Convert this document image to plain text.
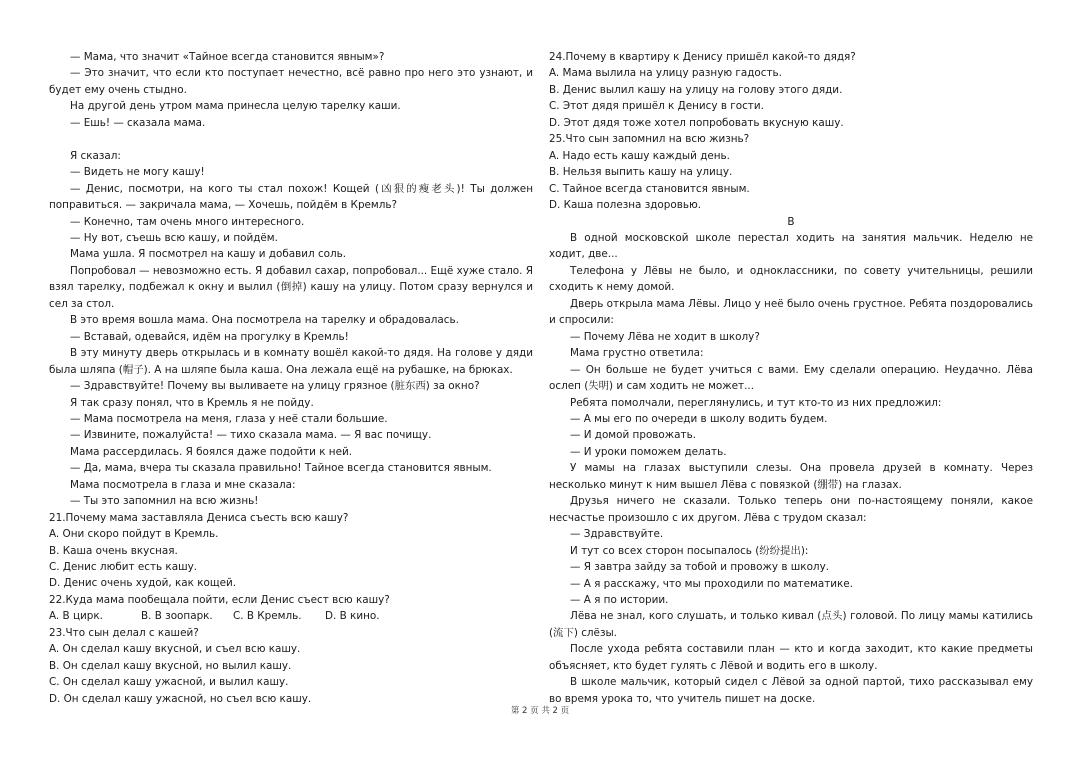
— Мама, что значит «Тайное всегда становится явным»?

— Это значит, что если кто поступает нечестно, всё равно про него это узнают, и будет ему очень стыдно.

На другой день утром мама принесла целую тарелку каши.

— Ешь! — сказала мама.

Я сказал:

— Видеть не могу кашу!

— Денис, посмотри, на кого ты стал похож! Кощей (凶狠的瘦老头)! Ты должен поправиться. — закричала мама, — Хочешь, пойдём в Кремль?

— Конечно, там очень много интересного.

— Ну вот, съешь всю кашу, и пойдём.

Мама ушла. Я посмотрел на кашу и добавил соль.

Попробовал — невозможно есть. Я добавил сахар, попробовал... Ещё хуже стало. Я взял тарелку, подбежал к окну и вылил (倒掉) кашу на улицу. Потом сразу вернулся и сел за стол.

В это время вошла мама. Она посмотрела на тарелку и обрадовалась.

— Вставай, одевайся, идём на прогулку в Кремль!

В эту минуту дверь открылась и в комнату вошёл какой-то дядя. На голове у дяди была шляпа (帽子). А на шляпе была каша. Она лежала ещё на рубашке, на брюках.

— Здравствуйте! Почему вы выливаете на улицу грязное (脏东西) за окно?

Я так сразу понял, что в Кремль я не пойду.

— Мама посмотрела на меня, глаза у неё стали большие.

— Извините, пожалуйста! — тихо сказала мама. — Я вас почищу.

Мама рассердилась. Я боялся даже подойти к ней.

— Да, мама, вчера ты сказала правильно! Тайное всегда становится явным.

Мама посмотрела в глаза и мне сказала:

— Ты это запомнил на всю жизнь!

21.Почему мама заставляла Дениса съесть всю кашу?

A. Они скоро пойдут в Кремль.

B. Каша очень вкусная.

C. Денис любит есть кашу.

D. Денис очень худой, как кощей.

22.Куда мама пообещала пойти, если Денис съест всю кашу?

A. В цирк.	B. В зоопарк.	C. В Кремль.	D. В кино.

23.Что сын делал с кашей?

A. Он сделал кашу вкусной, и съел всю кашу.

B. Он сделал кашу вкусной, но вылил кашу.

C. Он сделал кашу ужасной, и вылил кашу.

D. Он сделал кашу ужасной, но съел всю кашу.

24.Почему в квартиру к Денису пришёл какой-то дядя?

A. Мама вылила на улицу разную гадость.

B. Денис вылил кашу на улицу на голову этого дяди.

C. Этот дядя пришёл к Денису в гости.

D. Этот дядя тоже хотел попробовать вкусную кашу.

25.Что сын запомнил на всю жизнь?

A. Надо есть кашу каждый день.

B. Нельзя выпить кашу на улицу.

C. Тайное всегда становится явным.

D. Каша полезна здоровью.

B

В одной московской школе перестал ходить на занятия мальчик. Неделю не ходит, две...

Телефона у Лёвы не было, и одноклассники, по совету учительницы, решили сходить к нему домой.

Дверь открыла мама Лёвы. Лицо у неё было очень грустное. Ребята поздоровались и спросили:

— Почему Лёва не ходит в школу?

Мама грустно ответила:

— Он больше не будет учиться с вами. Ему сделали операцию. Неудачно. Лёва ослеп (失明) и сам ходить не может...

Ребята помолчали, переглянулись, и тут кто-то из них предложил:

— А мы его по очереди в школу водить будем.

— И домой провожать.

— И уроки поможем делать.

У мамы на глазах выступили слезы. Она провела друзей в комнату. Через несколько минут к ним вышел Лёва с повязкой (绷带) на глазах.

Друзья ничего не сказали. Только теперь они по-настоящему поняли, какое несчастье произошло с их другом. Лёва с трудом сказал:

— Здравствуйте.

И тут со всех сторон посыпалось (纷纷提出):

— Я завтра зайду за тобой и провожу в школу.

— А я расскажу, что мы проходили по математике.

— А я по истории.

Лёва не знал, кого слушать, и только кивал (点头) головой. По лицу мамы катились (流下) слёзы.

После ухода ребята составили план — кто и когда заходит, кто какие предметы объясняет, кто будет гулять с Лёвой и водить его в школу.

В школе мальчик, который сидел с Лёвой за одной партой, тихо рассказывал ему во время урока то, что учитель пишет на доске.

第 2 页 共 2 页
